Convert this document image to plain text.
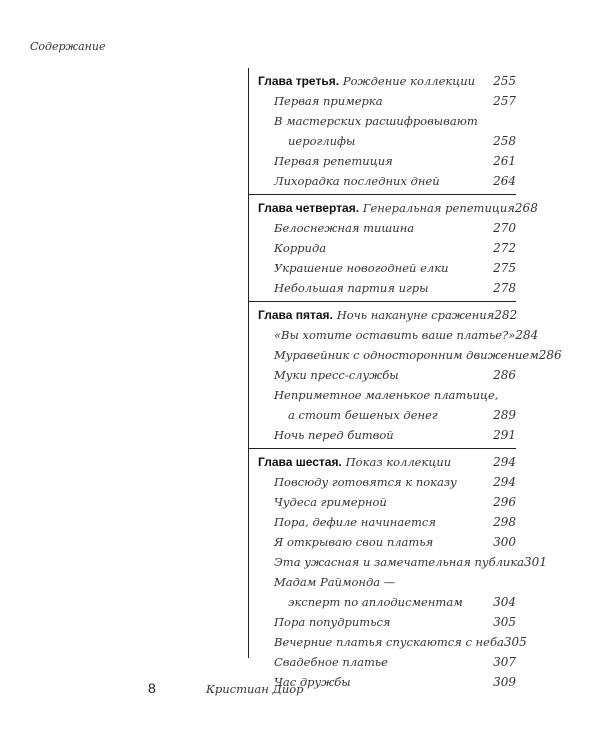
Содержание
Глава третья. Рождение коллекции 255
Первая примерка	257
В мастерских расшифровывают
иероглифы	258
Первая репетиция	261
Лихорадка последних дней	264
Глава четвертая. Генеральная репетиция 268
Белоснежная тишина	270
Коррида	272
Украшение новогодней елки	275
Небольшая партия игры	278
Глава пятая. Ночь накануне сражения 282
«Вы хотите оставить ваше платье?» 284
Муравейник с односторонним движением 286
Муки пресс-службы	286
Неприметное маленькое платьице,
а стоит бешеных денег	289
Ночь перед битвой	291
Глава шестая. Показ коллекции	294
Повсюду готовятся к показу	294
Чудеса гримерной	296
Пора, дефиле начинается	298
Я открываю свои платья	300
Эта ужасная и замечательная публика 301
Мадам Раймонда —
эксперт по аплодисментам	304
Пора попудриться	305
Вечерние платья спускаются с неба 305
Свадебное платье	307
Час дружбы	309
8	Кристиан Диор
